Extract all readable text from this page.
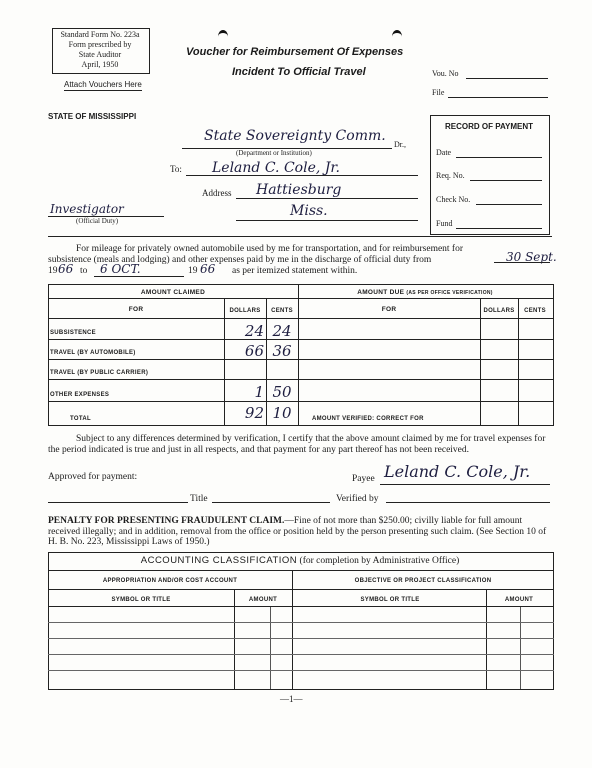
Standard Form No. 223a
Form prescribed by
State Auditor
April, 1950
Attach Vouchers Here
Voucher for Reimbursement Of Expenses
Incident To Official Travel	Vou. No
File
STATE OF MISSISSIPPI
State Sovereignty Comm.
Dr.,
(Department or Institution)
To: Leland C. Cole, Jr.
Address Hattiesburg
Miss.
Investigator
(Official Duty)
RECORD OF PAYMENT
Date
Req. No.
Check No.
Fund
For mileage for privately owned automobile used by me for transportation, and for reimbursement for subsistence (meals and lodging) and other expenses paid by me in the discharge of official duty from	30 Sept.
19 66 to 6 OCT.	19 66 as per itemized statement within.
AMOUNT CLAIMED	AMOUNT DUE (AS PER OFFICE VERIFICATION)
FOR	DOLLARS	CENTS	FOR	DOLLARS	CENTS
SUBSISTENCE	24 24
TRAVEL (BY AUTOMOBILE)	66 36
TRAVEL (BY PUBLIC CARRIER)
OTHER EXPENSES	1 50
TOTAL	92 10	AMOUNT VERIFIED: CORRECT FOR
Subject to any differences determined by verification, I certify that the above amount claimed by me for travel expenses for the period indicated is true and just in all respects, and that payment for any part thereof has not been received.
Approved for payment:	Payee Leland C. Cole, Jr.
Title	Verified by
PENALTY FOR PRESENTING FRAUDULENT CLAIM.—Fine of not more than $250.00; civilly liable for full amount received illegally; and in addition, removal from the office or position held by the person presenting such claim. (See Section 10 of H. B. No. 223, Mississippi Laws of 1950.)
ACCOUNTING CLASSIFICATION (for completion by Administrative Office)
APPROPRIATION AND/OR COST ACCOUNT	OBJECTIVE OR PROJECT CLASSIFICATION
SYMBOL OR TITLE	AMOUNT	SYMBOL OR TITLE	AMOUNT
—1—
